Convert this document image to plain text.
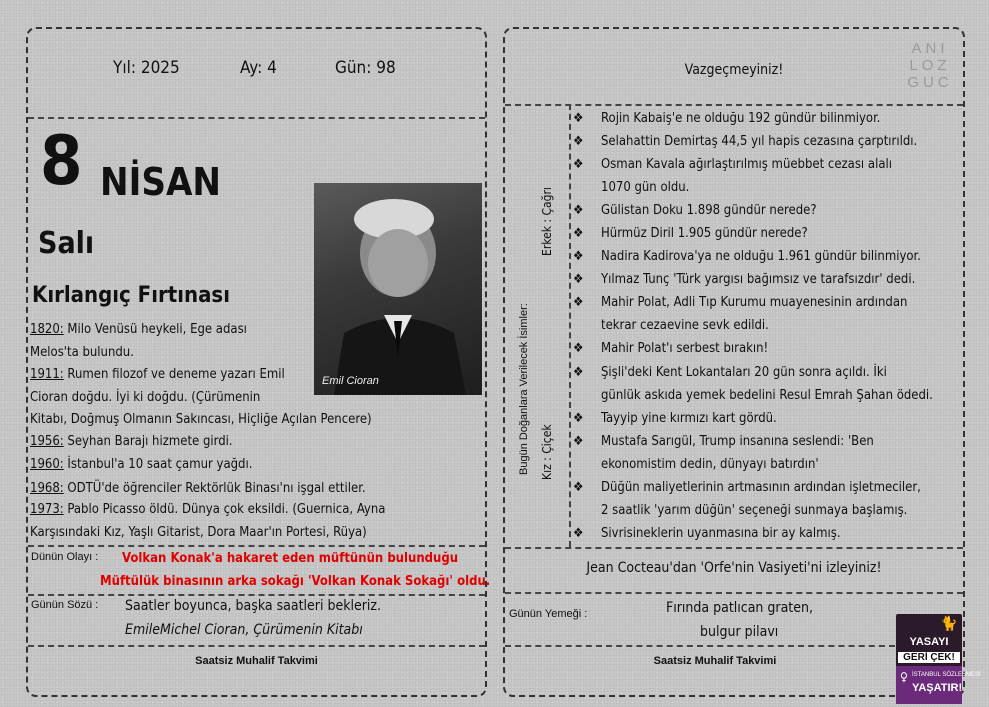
Yıl: 2025	Ay: 4	Gün: 98
8 NİSAN
Salı
Kırlangıç Fırtınası
Emil Cioran
1820: Milo Venüsü heykeli, Ege adası
Melos'ta bulundu.
1911: Rumen filozof ve deneme yazarı Emil
Cioran doğdu. İyi ki doğdu. (Çürümenin
Kitabı, Doğmuş Olmanın Sakıncası, Hiçliğe Açılan Pencere)
1956: Seyhan Barajı hizmete girdi.
1960: İstanbul'a 10 saat çamur yağdı.
1968: ODTÜ'de öğrenciler Rektörlük Binası'nı işgal ettiler.
1973: Pablo Picasso öldü. Dünya çok eksildi. (Guernica, Ayna
Karşısındaki Kız, Yaşlı Gitarist, Dora Maar'ın Portesi, Rüya)
Dünün Olayı : Volkan Konak'a hakaret eden müftünün bulunduğu
Müftülük binasının arka sokağı 'Volkan Konak Sokağı' oldu.
Günün Sözü : Saatler boyunca, başka saatleri bekleriz.
EmileMichel Cioran, Çürümenin Kitabı
Saatsiz Muhalif Takvimi
Vazgeçmeyiniz!
ANI
LOZ
GUC
Bugün Doğanlara Verilecek İsimler:
Erkek : Çağrı
Kız : Çiçek
❖ Rojin Kabaiş'e ne olduğu 192 gündür bilinmiyor.
❖ Selahattin Demirtaş 44,5 yıl hapis cezasına çarptırıldı.
❖ Osman Kavala ağırlaştırılmış müebbet cezası alalı

1070 gün oldu.
❖ Gülistan Doku 1.898 gündür nerede?
❖ Hürmüz Diril 1.905 gündür nerede?
❖ Nadira Kadirova'ya ne olduğu 1.961 gündür bilinmiyor.
❖ Yılmaz Tunç 'Türk yargısı bağımsız ve tarafsızdır' dedi.
❖ Mahir Polat, Adli Tıp Kurumu muayenesinin ardından

tekrar cezaevine sevk edildi.
❖ Mahir Polat'ı serbest bırakın!
❖ Şişli'deki Kent Lokantaları 20 gün sonra açıldı. İki

günlük askıda yemek bedelini Resul Emrah Şahan ödedi.
❖ Tayyip yine kırmızı kart gördü.
❖ Mustafa Sarıgül, Trump insanına seslendi: 'Ben

ekonomistim dedin, dünyayı batırdın'
❖ Düğün maliyetlerinin artmasının ardından işletmeciler,

2 saatlik 'yarım düğün' seçeneği sunmaya başlamış.
❖ Sivrisineklerin uyanmasına bir ay kalmış.
Jean Cocteau'dan 'Orfe'nin Vasiyeti'ni izleyiniz!
Günün Yemeği :	Fırında patlıcan graten,
bulgur pilavı
Saatsiz Muhalif Takvimi
YASAYI
GERİ ÇEK!
♀ İSTANBUL SÖZLEŞMESİ
YAŞATIR!
🐈
